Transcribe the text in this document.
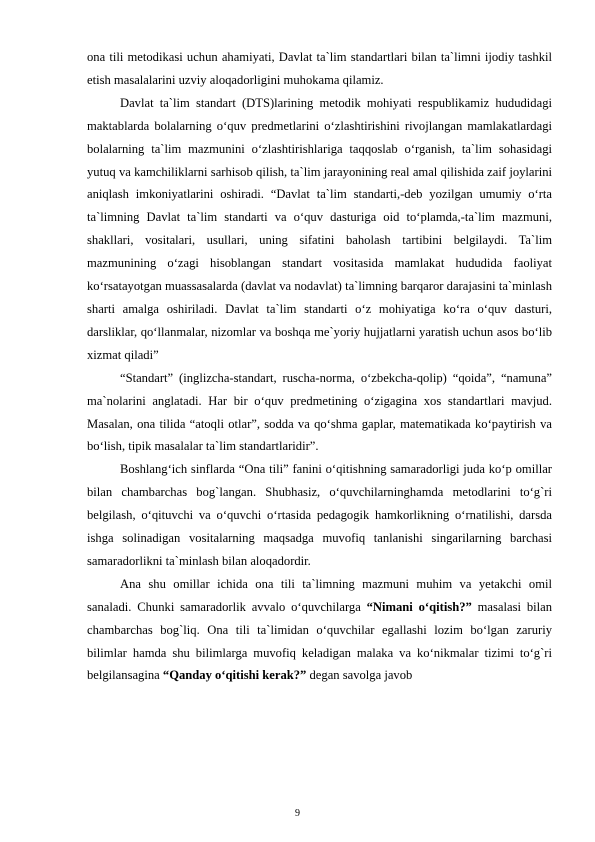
ona tili metodikasi uchun ahamiyati, Davlat ta`lim standartlari bilan ta`limni ijodiy tashkil etish masalalarini uzviy aloqadorligini muhokama qilamiz.

Davlat ta`lim standart (DTS)larining metodik mohiyati respublikamiz hududidagi maktablarda bolalarning o‘quv predmetlarini o‘zlashtirishini rivojlangan mamlakatlardagi bolalarning ta`lim mazmunini o‘zlashtirishlariga taqqoslab o‘rganish, ta`lim sohasidagi yutuq va kamchiliklarni sarhisob qilish, ta`lim jarayonining real amal qilishida zaif joylarini aniqlash imkoniyatlarini oshiradi. “Davlat ta`lim standarti,-deb yozilgan umumiy o‘rta ta`limning Davlat ta`lim standarti va o‘quv dasturiga oid to‘plamda,-ta`lim mazmuni, shakllari, vositalari, usullari, uning sifatini baholash tartibini belgilaydi. Ta`lim mazmunining o‘zagi hisoblangan standart vositasida mamlakat hududida faoliyat ko‘rsatayotgan muassasalarda (davlat va nodavlat) ta`limning barqaror darajasini ta`minlash sharti amalga oshiriladi. Davlat ta`lim standarti o‘z mohiyatiga ko‘ra o‘quv dasturi, darsliklar, qo‘llanmalar, nizomlar va boshqa me`yoriy hujjatlarni yaratish uchun asos bo‘lib xizmat qiladi”

“Standart” (inglizcha-standart, ruscha-norma, o‘zbekcha-qolip) “qoida”, “namuna” ma`nolarini anglatadi. Har bir o‘quv predmetining o‘zigagina xos standartlari mavjud. Masalan, ona tilida “atoqli otlar”, sodda va qo‘shma gaplar, matematikada ko‘paytirish va bo‘lish, tipik masalalar ta`lim standartlaridir”.

Boshlang‘ich sinflarda “Ona tili” fanini o‘qitishning samaradorligi juda ko‘p omillar bilan chambarchas bog`langan. Shubhasiz, o‘quvchilarninghamda metodlarini to‘g`ri belgilash, o‘qituvchi va o‘quvchi o‘rtasida pedagogik hamkorlikning o‘rnatilishi, darsda ishga solinadigan vositalarning maqsadga muvofiq tanlanishi singarilarning barchasi samaradorlikni ta`minlash bilan aloqadordir.

Ana shu omillar ichida ona tili ta`limning mazmuni muhim va yetakchi omil sanaladi. Chunki samaradorlik avvalo o‘quvchilarga “Nimani o‘qitish?” masalasi bilan chambarchas bog`liq. Ona tili ta`limidan o‘quvchilar egallashi lozim bo‘lgan zaruriy bilimlar hamda shu bilimlarga muvofiq keladigan malaka va ko‘nikmalar tizimi to‘g`ri belgilansagina “Qanday o‘qitishi kerak?” degan savolga javob

9
